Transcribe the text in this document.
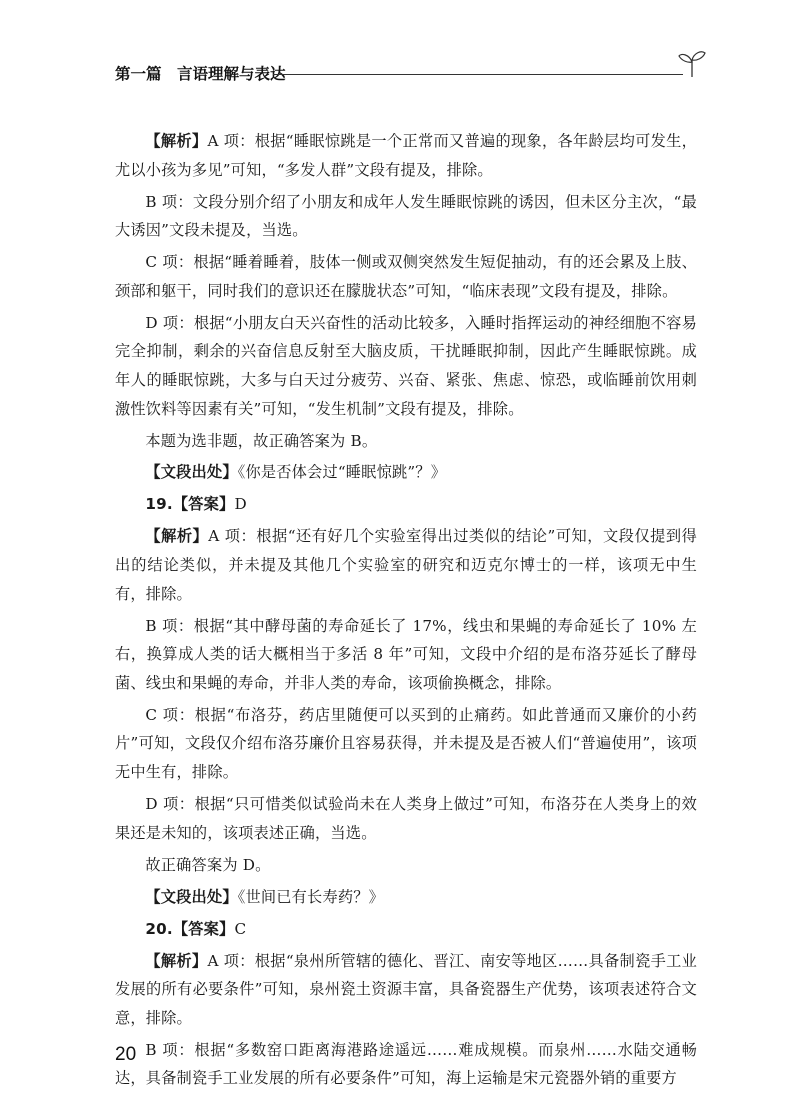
第一篇　言语理解与表达

【解析】A 项：根据“睡眠惊跳是一个正常而又普遍的现象，各年龄层均可发生，尤以小孩为多见”可知，“多发人群”文段有提及，排除。

B 项：文段分别介绍了小朋友和成年人发生睡眠惊跳的诱因，但未区分主次，“最大诱因”文段未提及，当选。

C 项：根据“睡着睡着，肢体一侧或双侧突然发生短促抽动，有的还会累及上肢、颈部和躯干，同时我们的意识还在朦胧状态”可知，“临床表现”文段有提及，排除。

D 项：根据“小朋友白天兴奋性的活动比较多，入睡时指挥运动的神经细胞不容易完全抑制，剩余的兴奋信息反射至大脑皮质，干扰睡眠抑制，因此产生睡眠惊跳。成年人的睡眠惊跳，大多与白天过分疲劳、兴奋、紧张、焦虑、惊恐，或临睡前饮用刺激性饮料等因素有关”可知，“发生机制”文段有提及，排除。

本题为选非题，故正确答案为 B。

【文段出处】《你是否体会过“睡眠惊跳”？》

19.【答案】D

【解析】A 项：根据“还有好几个实验室得出过类似的结论”可知，文段仅提到得出的结论类似，并未提及其他几个实验室的研究和迈克尔博士的一样，该项无中生有，排除。

B 项：根据“其中酵母菌的寿命延长了 17%，线虫和果蝇的寿命延长了 10% 左右，换算成人类的话大概相当于多活 8 年”可知，文段中介绍的是布洛芬延长了酵母菌、线虫和果蝇的寿命，并非人类的寿命，该项偷换概念，排除。

C 项：根据“布洛芬，药店里随便可以买到的止痛药。如此普通而又廉价的小药片”可知，文段仅介绍布洛芬廉价且容易获得，并未提及是否被人们“普遍使用”，该项无中生有，排除。

D 项：根据“只可惜类似试验尚未在人类身上做过”可知，布洛芬在人类身上的效果还是未知的，该项表述正确，当选。

故正确答案为 D。

【文段出处】《世间已有长寿药？》

20.【答案】C

【解析】A 项：根据“泉州所管辖的德化、晋江、南安等地区……具备制瓷手工业发展的所有必要条件”可知，泉州瓷土资源丰富，具备瓷器生产优势，该项表述符合文意，排除。

B 项：根据“多数窑口距离海港路途遥远……难成规模。而泉州……水陆交通畅达，具备制瓷手工业发展的所有必要条件”可知，海上运输是宋元瓷器外销的重要方

20
